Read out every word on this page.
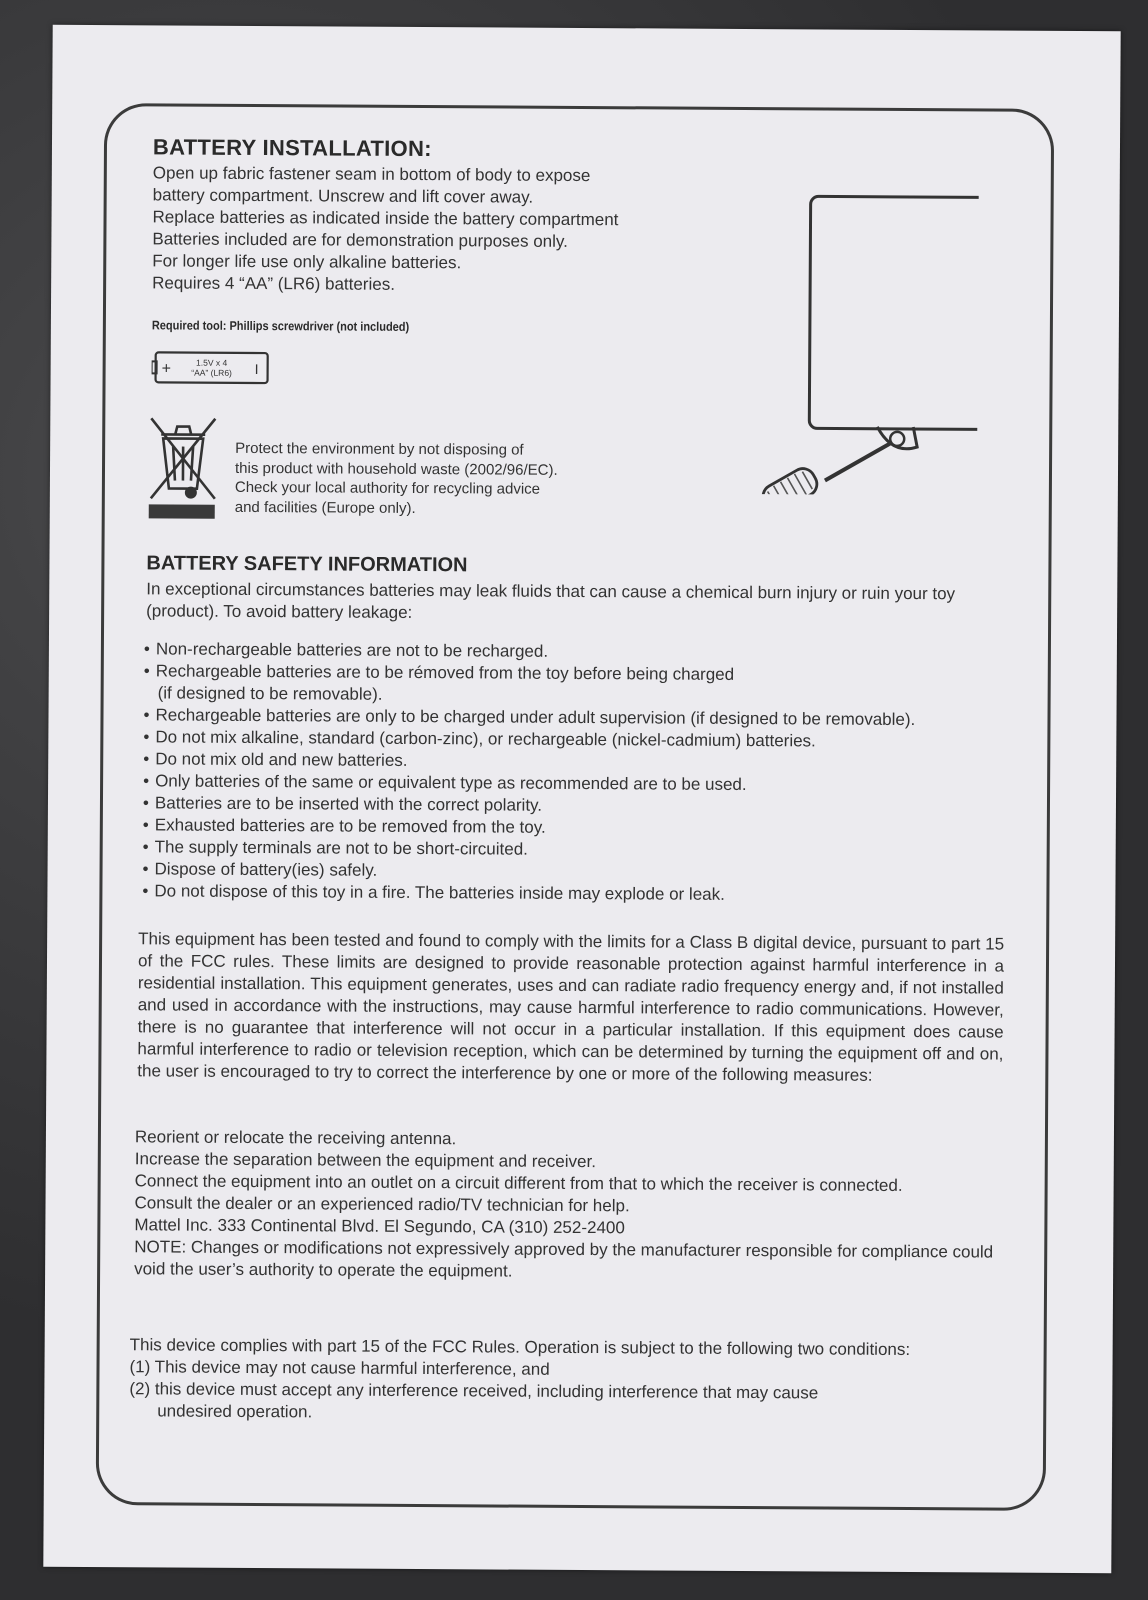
BATTERY INSTALLATION:
Open up fabric fastener seam in bottom of body to expose
battery compartment. Unscrew and lift cover away.
Replace batteries as indicated inside the battery compartment
Batteries included are for demonstration purposes only.
For longer life use only alkaline batteries.
Requires 4 “AA” (LR6) batteries.
Required tool: Phillips screwdriver (not included)
+	I
1.5V x 4
“AA” (LR6)
Protect the environment by not disposing of
this product with household waste (2002/96/EC).
Check your local authority for recycling advice
and facilities (Europe only).
BATTERY SAFETY INFORMATION
In exceptional circumstances batteries may leak fluids that can cause a chemical burn injury or ruin your toy (product). To avoid battery leakage:
• Non-rechargeable batteries are not to be recharged.
• Rechargeable batteries are to be rémoved from the toy before being charged
(if designed to be removable).
• Rechargeable batteries are only to be charged under adult supervision (if designed to be removable).
• Do not mix alkaline, standard (carbon-zinc), or rechargeable (nickel-cadmium) batteries.
• Do not mix old and new batteries.
• Only batteries of the same or equivalent type as recommended are to be used.
• Batteries are to be inserted with the correct polarity.
• Exhausted batteries are to be removed from the toy.
• The supply terminals are not to be short-circuited.
• Dispose of battery(ies) safely.
• Do not dispose of this toy in a fire. The batteries inside may explode or leak.

This equipment has been tested and found to comply with the limits for a Class B digital device, pursuant to part 15 of the FCC rules. These limits are designed to provide reasonable protection against harmful interference in a residential installation. This equipment generates, uses and can radiate radio frequency energy and, if not installed and used in accordance with the instructions, may cause harmful interference to radio communications. However, there is no guarantee that interference will not occur in a particular installation. If this equipment does cause harmful interference to radio or television reception, which can be determined by turning the equipment off and on, the user is encouraged to try to correct the interference by one or more of the following measures:

Reorient or relocate the receiving antenna.
Increase the separation between the equipment and receiver.
Connect the equipment into an outlet on a circuit different from that to which the receiver is connected.
Consult the dealer or an experienced radio/TV technician for help.
Mattel Inc. 333 Continental Blvd. El Segundo, CA (310) 252-2400
NOTE: Changes or modifications not expressively approved by the manufacturer responsible for compliance could void the user’s authority to operate the equipment.
This device complies with part 15 of the FCC Rules. Operation is subject to the following two conditions:
(1) This device may not cause harmful interference, and
(2) this device must accept any interference received, including interference that may cause
undesired operation.
